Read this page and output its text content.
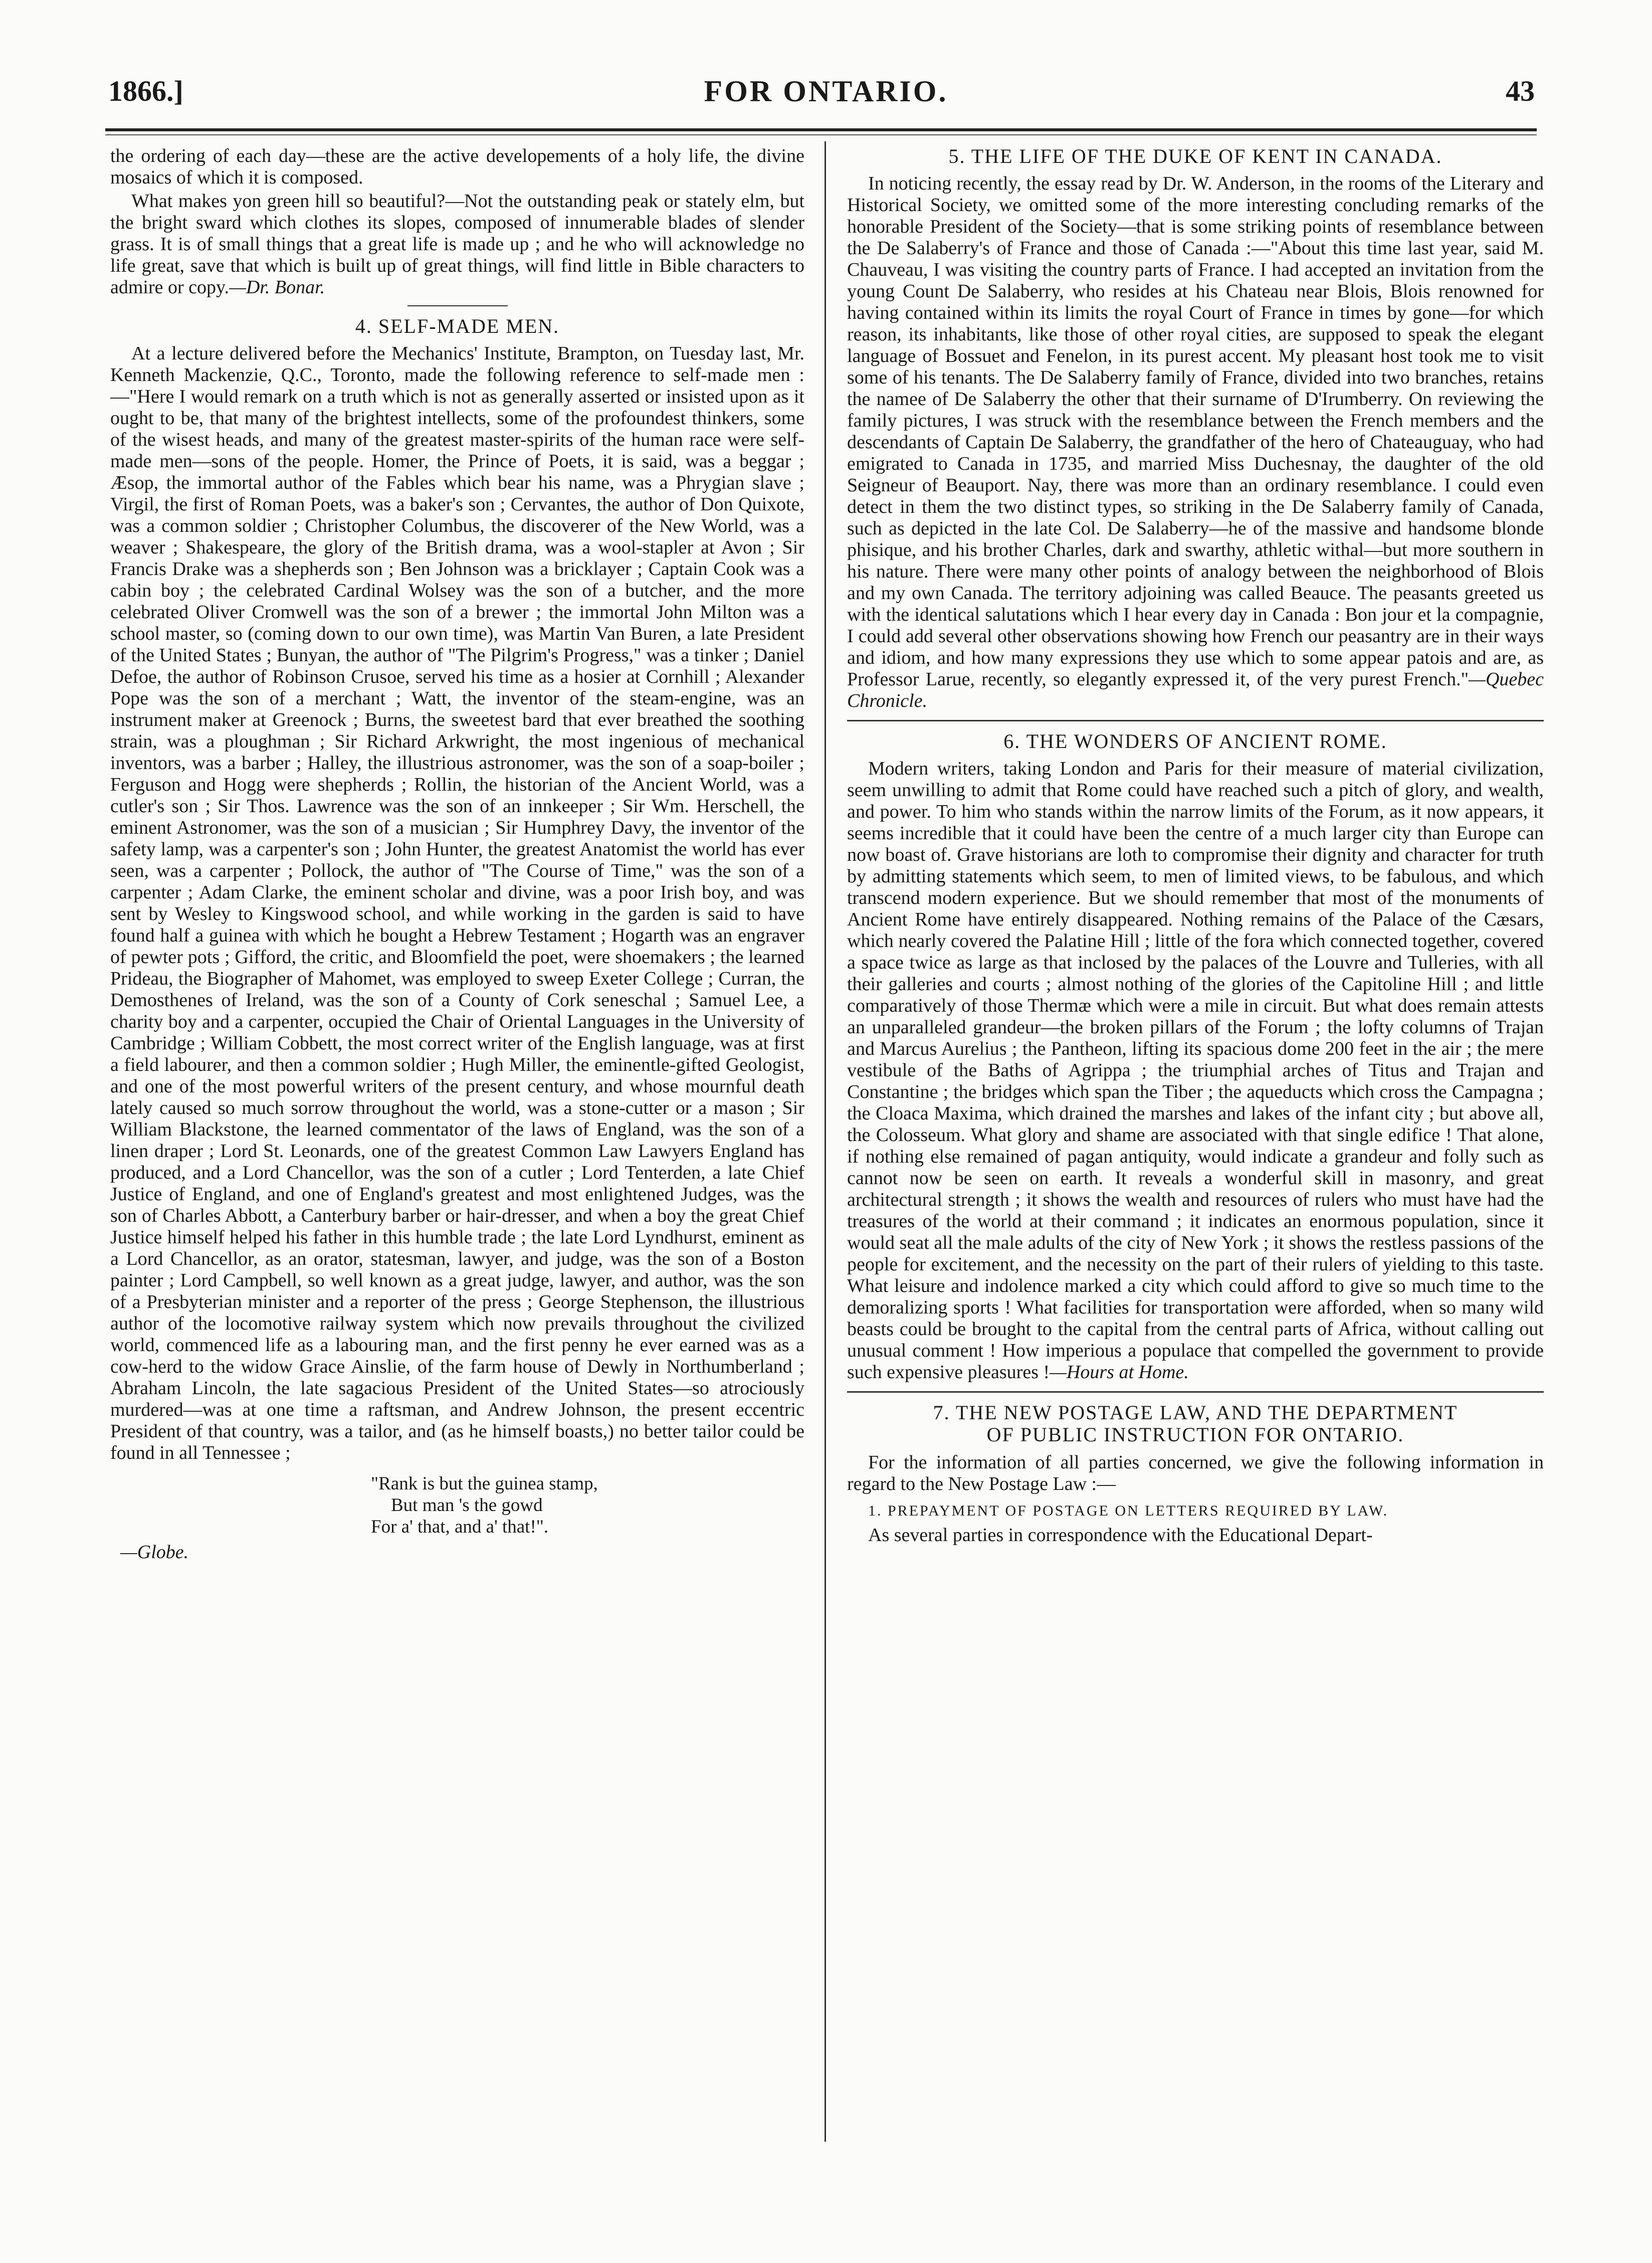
1866.]	FOR ONTARIO.	43

the ordering of each day—these are the active developements of a holy life, the divine mosaics of which it is composed.

What makes yon green hill so beautiful?—Not the outstanding peak or stately elm, but the bright sward which clothes its slopes, composed of innumerable blades of slender grass. It is of small things that a great life is made up ; and he who will acknowledge no life great, save that which is built up of great things, will find little in Bible characters to admire or copy.—Dr. Bonar.

4. SELF-MADE MEN.

At a lecture delivered before the Mechanics' Institute, Brampton, on Tuesday last, Mr. Kenneth Mackenzie, Q.C., Toronto, made the following reference to self-made men :—"Here I would remark on a truth which is not as generally asserted or insisted upon as it ought to be, that many of the brightest intellects, some of the profoundest thinkers, some of the wisest heads, and many of the greatest master-spirits of the human race were self-made men—sons of the people. Homer, the Prince of Poets, it is said, was a beggar ; Æsop, the immortal author of the Fables which bear his name, was a Phrygian slave ; Virgil, the first of Roman Poets, was a baker's son ; Cervantes, the author of Don Quixote, was a common soldier ; Christopher Columbus, the discoverer of the New World, was a weaver ; Shakespeare, the glory of the British drama, was a wool-stapler at Avon ; Sir Francis Drake was a shepherds son ; Ben Johnson was a bricklayer ; Captain Cook was a cabin boy ; the celebrated Cardinal Wolsey was the son of a butcher, and the more celebrated Oliver Cromwell was the son of a brewer ; the immortal John Milton was a school master, so (coming down to our own time), was Martin Van Buren, a late President of the United States ; Bunyan, the author of "The Pilgrim's Progress," was a tinker ; Daniel Defoe, the author of Robinson Crusoe, served his time as a hosier at Cornhill ; Alexander Pope was the son of a merchant ; Watt, the inventor of the steam-engine, was an instrument maker at Greenock ; Burns, the sweetest bard that ever breathed the soothing strain, was a ploughman ; Sir Richard Arkwright, the most ingenious of mechanical inventors, was a barber ; Halley, the illustrious astronomer, was the son of a soap-boiler ; Ferguson and Hogg were shepherds ; Rollin, the historian of the Ancient World, was a cutler's son ; Sir Thos. Lawrence was the son of an innkeeper ; Sir Wm. Herschell, the eminent Astronomer, was the son of a musician ; Sir Humphrey Davy, the inventor of the safety lamp, was a carpenter's son ; John Hunter, the greatest Anatomist the world has ever seen, was a carpenter ; Pollock, the author of "The Course of Time," was the son of a carpenter ; Adam Clarke, the eminent scholar and divine, was a poor Irish boy, and was sent by Wesley to Kingswood school, and while working in the garden is said to have found half a guinea with which he bought a Hebrew Testament ; Hogarth was an engraver of pewter pots ; Gifford, the critic, and Bloomfield the poet, were shoemakers ; the learned Prideau, the Biographer of Mahomet, was employed to sweep Exeter College ; Curran, the Demosthenes of Ireland, was the son of a County of Cork seneschal ; Samuel Lee, a charity boy and a carpenter, occupied the Chair of Oriental Languages in the University of Cambridge ; William Cobbett, the most correct writer of the English language, was at first a field labourer, and then a common soldier ; Hugh Miller, the eminentle-gifted Geologist, and one of the most powerful writers of the present century, and whose mournful death lately caused so much sorrow throughout the world, was a stone-cutter or a mason ; Sir William Blackstone, the learned commentator of the laws of England, was the son of a linen draper ; Lord St. Leonards, one of the greatest Common Law Lawyers England has produced, and a Lord Chancellor, was the son of a cutler ; Lord Tenterden, a late Chief Justice of England, and one of England's greatest and most enlightened Judges, was the son of Charles Abbott, a Canterbury barber or hair-dresser, and when a boy the great Chief Justice himself helped his father in this humble trade ; the late Lord Lyndhurst, eminent as a Lord Chancellor, as an orator, statesman, lawyer, and judge, was the son of a Boston painter ; Lord Campbell, so well known as a great judge, lawyer, and author, was the son of a Presbyterian minister and a reporter of the press ; George Stephenson, the illustrious author of the locomotive railway system which now prevails throughout the civilized world, commenced life as a labouring man, and the first penny he ever earned was as a cow-herd to the widow Grace Ainslie, of the farm house of Dewly in Northumberland ; Abraham Lincoln, the late sagacious President of the United States—so atrociously murdered—was at one time a raftsman, and Andrew Johnson, the present eccentric President of that country, was a tailor, and (as he himself boasts,) no better tailor could be found in all Tennessee ;

"Rank is but the guinea stamp,
But man 's the gowd
For a' that, and a' that!".

—Globe.

5. THE LIFE OF THE DUKE OF KENT IN CANADA.

In noticing recently, the essay read by Dr. W. Anderson, in the rooms of the Literary and Historical Society, we omitted some of the more interesting concluding remarks of the honorable President of the Society—that is some striking points of resemblance between the De Salaberry's of France and those of Canada :—"About this time last year, said M. Chauveau, I was visiting the country parts of France. I had accepted an invitation from the young Count De Salaberry, who resides at his Chateau near Blois, Blois renowned for having contained within its limits the royal Court of France in times by gone—for which reason, its inhabitants, like those of other royal cities, are supposed to speak the elegant language of Bossuet and Fenelon, in its purest accent. My pleasant host took me to visit some of his tenants. The De Salaberry family of France, divided into two branches, retains the namee of De Salaberry the other that their surname of D'Irumberry. On reviewing the family pictures, I was struck with the resemblance between the French members and the descendants of Captain De Salaberry, the grandfather of the hero of Chateauguay, who had emigrated to Canada in 1735, and married Miss Duchesnay, the daughter of the old Seigneur of Beauport. Nay, there was more than an ordinary resemblance. I could even detect in them the two distinct types, so striking in the De Salaberry family of Canada, such as depicted in the late Col. De Salaberry—he of the massive and handsome blonde phisique, and his brother Charles, dark and swarthy, athletic withal—but more southern in his nature. There were many other points of analogy between the neighborhood of Blois and my own Canada. The territory adjoining was called Beauce. The peasants greeted us with the identical salutations which I hear every day in Canada : Bon jour et la compagnie, I could add several other observations showing how French our peasantry are in their ways and idiom, and how many expressions they use which to some appear patois and are, as Professor Larue, recently, so elegantly expressed it, of the very purest French."—Quebec Chronicle.

6. THE WONDERS OF ANCIENT ROME.

Modern writers, taking London and Paris for their measure of material civilization, seem unwilling to admit that Rome could have reached such a pitch of glory, and wealth, and power. To him who stands within the narrow limits of the Forum, as it now appears, it seems incredible that it could have been the centre of a much larger city than Europe can now boast of. Grave historians are loth to compromise their dignity and character for truth by admitting statements which seem, to men of limited views, to be fabulous, and which transcend modern experience. But we should remember that most of the monuments of Ancient Rome have entirely disappeared. Nothing remains of the Palace of the Cæsars, which nearly covered the Palatine Hill ; little of the fora which connected together, covered a space twice as large as that inclosed by the palaces of the Louvre and Tulleries, with all their galleries and courts ; almost nothing of the glories of the Capitoline Hill ; and little comparatively of those Thermæ which were a mile in circuit. But what does remain attests an unparalleled grandeur—the broken pillars of the Forum ; the lofty columns of Trajan and Marcus Aurelius ; the Pantheon, lifting its spacious dome 200 feet in the air ; the mere vestibule of the Baths of Agrippa ; the triumphial arches of Titus and Trajan and Constantine ; the bridges which span the Tiber ; the aqueducts which cross the Campagna ; the Cloaca Maxima, which drained the marshes and lakes of the infant city ; but above all, the Colosseum. What glory and shame are associated with that single edifice ! That alone, if nothing else remained of pagan antiquity, would indicate a grandeur and folly such as cannot now be seen on earth. It reveals a wonderful skill in masonry, and great architectural strength ; it shows the wealth and resources of rulers who must have had the treasures of the world at their command ; it indicates an enormous population, since it would seat all the male adults of the city of New York ; it shows the restless passions of the people for excitement, and the necessity on the part of their rulers of yielding to this taste. What leisure and indolence marked a city which could afford to give so much time to the demoralizing sports ! What facilities for transportation were afforded, when so many wild beasts could be brought to the capital from the central parts of Africa, without calling out unusual comment ! How imperious a populace that compelled the government to provide such expensive pleasures !—Hours at Home.

7. THE NEW POSTAGE LAW, AND THE DEPARTMENT
OF PUBLIC INSTRUCTION FOR ONTARIO.

For the information of all parties concerned, we give the following information in regard to the New Postage Law :—

1. PREPAYMENT OF POSTAGE ON LETTERS REQUIRED BY LAW.

As several parties in correspondence with the Educational Depart-
